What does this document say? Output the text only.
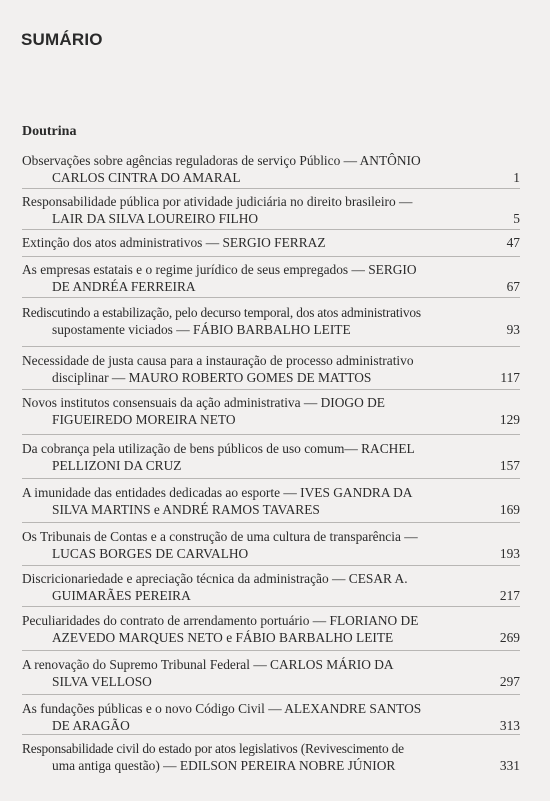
SUMÁRIO
Doutrina
Observações sobre agências reguladoras de serviço Público — ANTÔNIO
CARLOS CINTRA DO AMARAL	1
Responsabilidade pública por atividade judiciária no direito brasileiro —
LAIR DA SILVA LOUREIRO FILHO	5
Extinção dos atos administrativos — SERGIO FERRAZ	47
As empresas estatais e o regime jurídico de seus empregados — SERGIO
DE ANDRÉA FERREIRA	67
Rediscutindo a estabilização, pelo decurso temporal, dos atos administrativos
supostamente viciados — FÁBIO BARBALHO LEITE	93
Necessidade de justa causa para a instauração de processo administrativo
disciplinar — MAURO ROBERTO GOMES DE MATTOS	117
Novos institutos consensuais da ação administrativa — DIOGO DE
FIGUEIREDO MOREIRA NETO	129
Da cobrança pela utilização de bens públicos de uso comum— RACHEL
PELLIZONI DA CRUZ	157
A imunidade das entidades dedicadas ao esporte — IVES GANDRA DA
SILVA MARTINS e ANDRÉ RAMOS TAVARES	169
Os Tribunais de Contas e a construção de uma cultura de transparência —
LUCAS BORGES DE CARVALHO	193
Discricionariedade e apreciação técnica da administração — CESAR A.
GUIMARÃES PEREIRA	217
Peculiaridades do contrato de arrendamento portuário — FLORIANO DE
AZEVEDO MARQUES NETO e FÁBIO BARBALHO LEITE	269
A renovação do Supremo Tribunal Federal — CARLOS MÁRIO DA
SILVA VELLOSO	297
As fundações públicas e o novo Código Civil — ALEXANDRE SANTOS
DE ARAGÃO	313
Responsabilidade civil do estado por atos legislativos (Revivescimento de
uma antiga questão) — EDILSON PEREIRA NOBRE JÚNIOR	331
